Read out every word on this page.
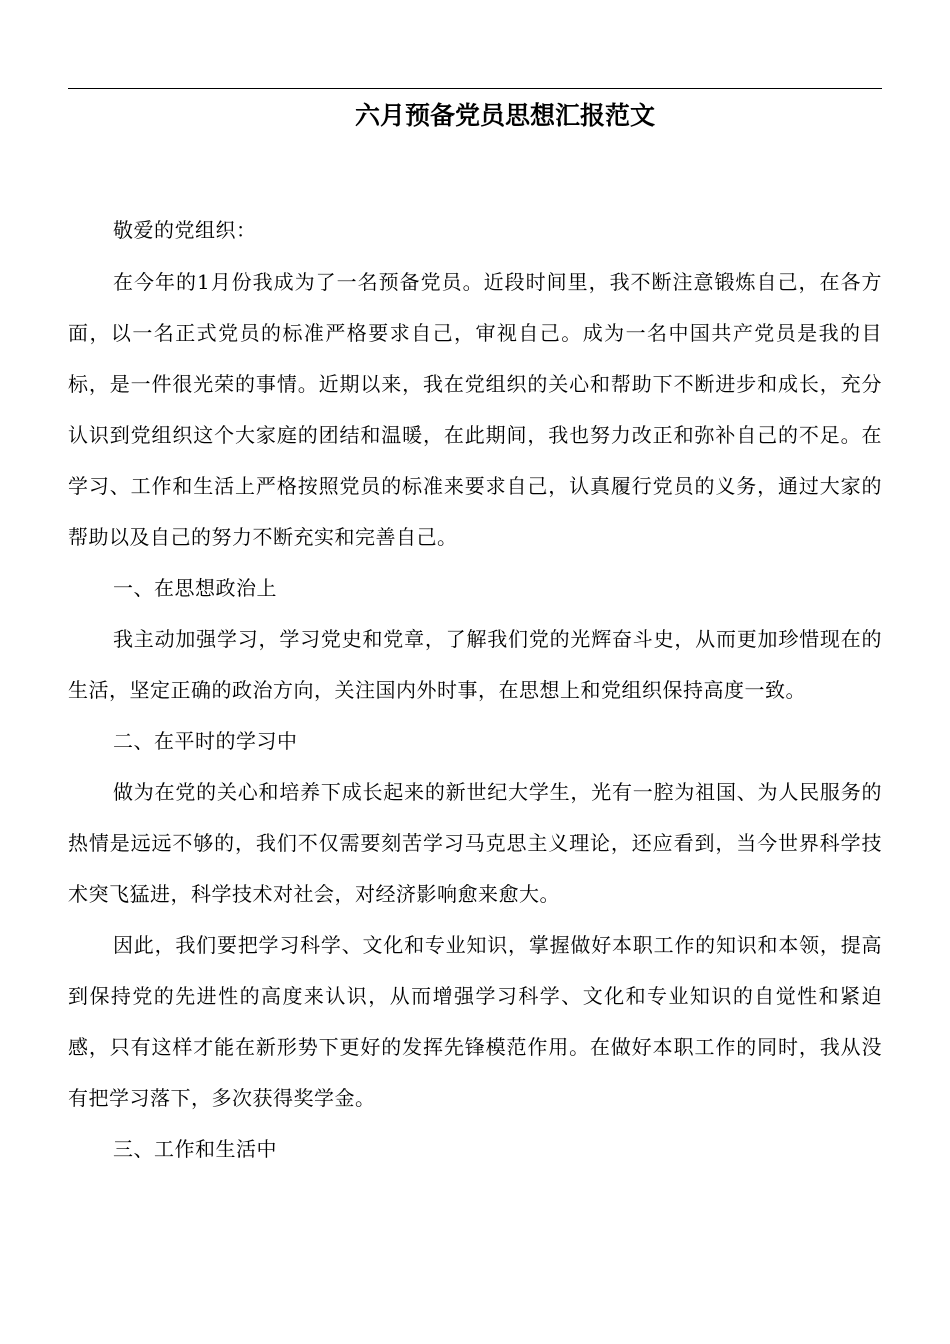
六月预备党员思想汇报范文

敬爱的党组织：

在今年的1月份我成为了一名预备党员。近段时间里，我不断注意锻炼自己，在各方面，以一名正式党员的标准严格要求自己，审视自己。成为一名中国共产党员是我的目标，是一件很光荣的事情。近期以来，我在党组织的关心和帮助下不断进步和成长，充分认识到党组织这个大家庭的团结和温暖，在此期间，我也努力改正和弥补自己的不足。在学习、工作和生活上严格按照党员的标准来要求自己，认真履行党员的义务，通过大家的帮助以及自己的努力不断充实和完善自己。

一、在思想政治上

我主动加强学习，学习党史和党章，了解我们党的光辉奋斗史，从而更加珍惜现在的生活，坚定正确的政治方向，关注国内外时事，在思想上和党组织保持高度一致。

二、在平时的学习中

做为在党的关心和培养下成长起来的新世纪大学生，光有一腔为祖国、为人民服务的热情是远远不够的，我们不仅需要刻苦学习马克思主义理论，还应看到，当今世界科学技术突飞猛进，科学技术对社会，对经济影响愈来愈大。

因此，我们要把学习科学、文化和专业知识，掌握做好本职工作的知识和本领，提高到保持党的先进性的高度来认识，从而增强学习科学、文化和专业知识的自觉性和紧迫感，只有这样才能在新形势下更好的发挥先锋模范作用。在做好本职工作的同时，我从没有把学习落下，多次获得奖学金。

三、工作和生活中
